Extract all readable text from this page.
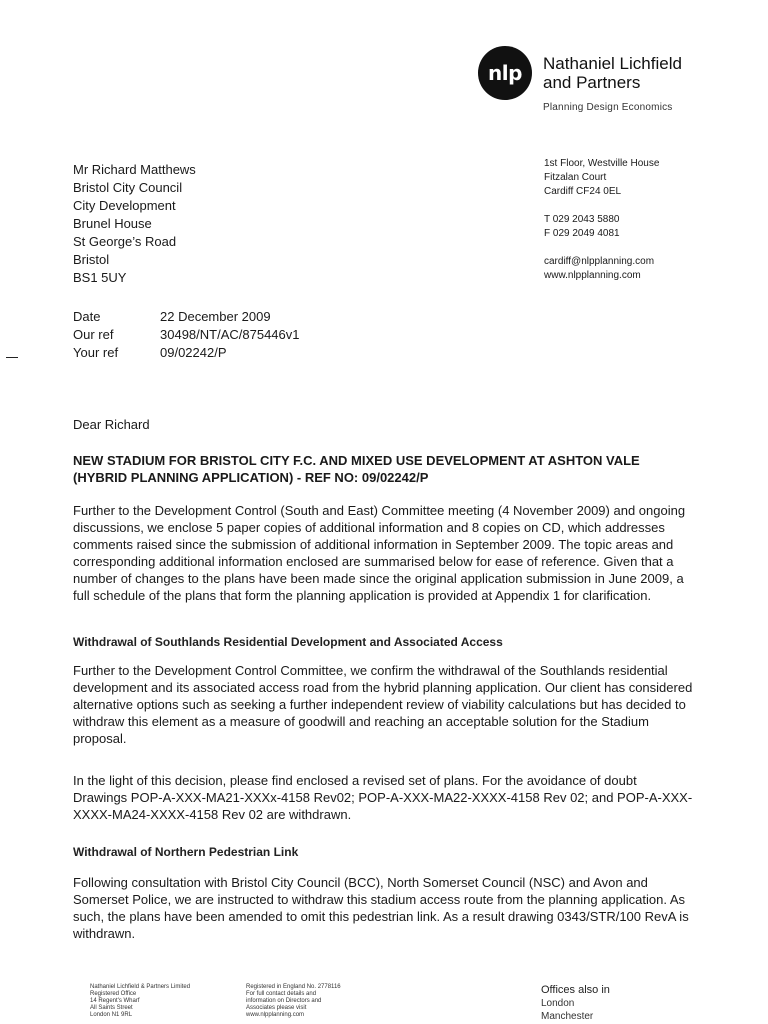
nlp Nathaniel Lichfield
and Partners
Planning Design Economics
Mr Richard Matthews
Bristol City Council
City Development
Brunel House
St George’s Road
Bristol
BS1 5UY
1st Floor, Westville House
Fitzalan Court
Cardiff CF24 0EL
T 029 2043 5880
F 029 2049 4081
cardiff@nlpplanning.com
www.nlpplanning.com
Date	22 December 2009
Our ref	30498/NT/AC/875446v1
Your ref	09/02242/P
Dear Richard
NEW STADIUM FOR BRISTOL CITY F.C. AND MIXED USE DEVELOPMENT AT ASHTON VALE (HYBRID PLANNING APPLICATION) - REF NO: 09/02242/P
Further to the Development Control (South and East) Committee meeting (4 November 2009) and ongoing discussions, we enclose 5 paper copies of additional information and 8 copies on CD, which addresses comments raised since the submission of additional information in September 2009. The topic areas and corresponding additional information enclosed are summarised below for ease of reference. Given that a number of changes to the plans have been made since the original application submission in June 2009, a full schedule of the plans that form the planning application is provided at Appendix 1 for clarification.
Withdrawal of Southlands Residential Development and Associated Access
Further to the Development Control Committee, we confirm the withdrawal of the Southlands residential development and its associated access road from the hybrid planning application. Our client has considered alternative options such as seeking a further independent review of viability calculations but has decided to withdraw this element as a measure of goodwill and reaching an acceptable solution for the Stadium proposal.
In the light of this decision, please find enclosed a revised set of plans. For the avoidance of doubt Drawings POP-A-XXX-MA21-XXXx-4158 Rev02; POP-A-XXX-MA22-XXXX-4158 Rev 02; and POP-A-XXX-XXXX-MA24-XXXX-4158 Rev 02 are withdrawn.
Withdrawal of Northern Pedestrian Link
Following consultation with Bristol City Council (BCC), North Somerset Council (NSC) and Avon and Somerset Police, we are instructed to withdraw this stadium access route from the planning application. As such, the plans have been amended to omit this pedestrian link. As a result drawing 0343/STR/100 RevA is withdrawn.
Nathaniel Lichfield & Partners Limited
Registered Office
14 Regent's Wharf
All Saints Street
London N1 9RL
Registered in England No. 2778116
For full contact details and
information on Directors and
Associates please visit
www.nlpplanning.com
Offices also in
London
Manchester
